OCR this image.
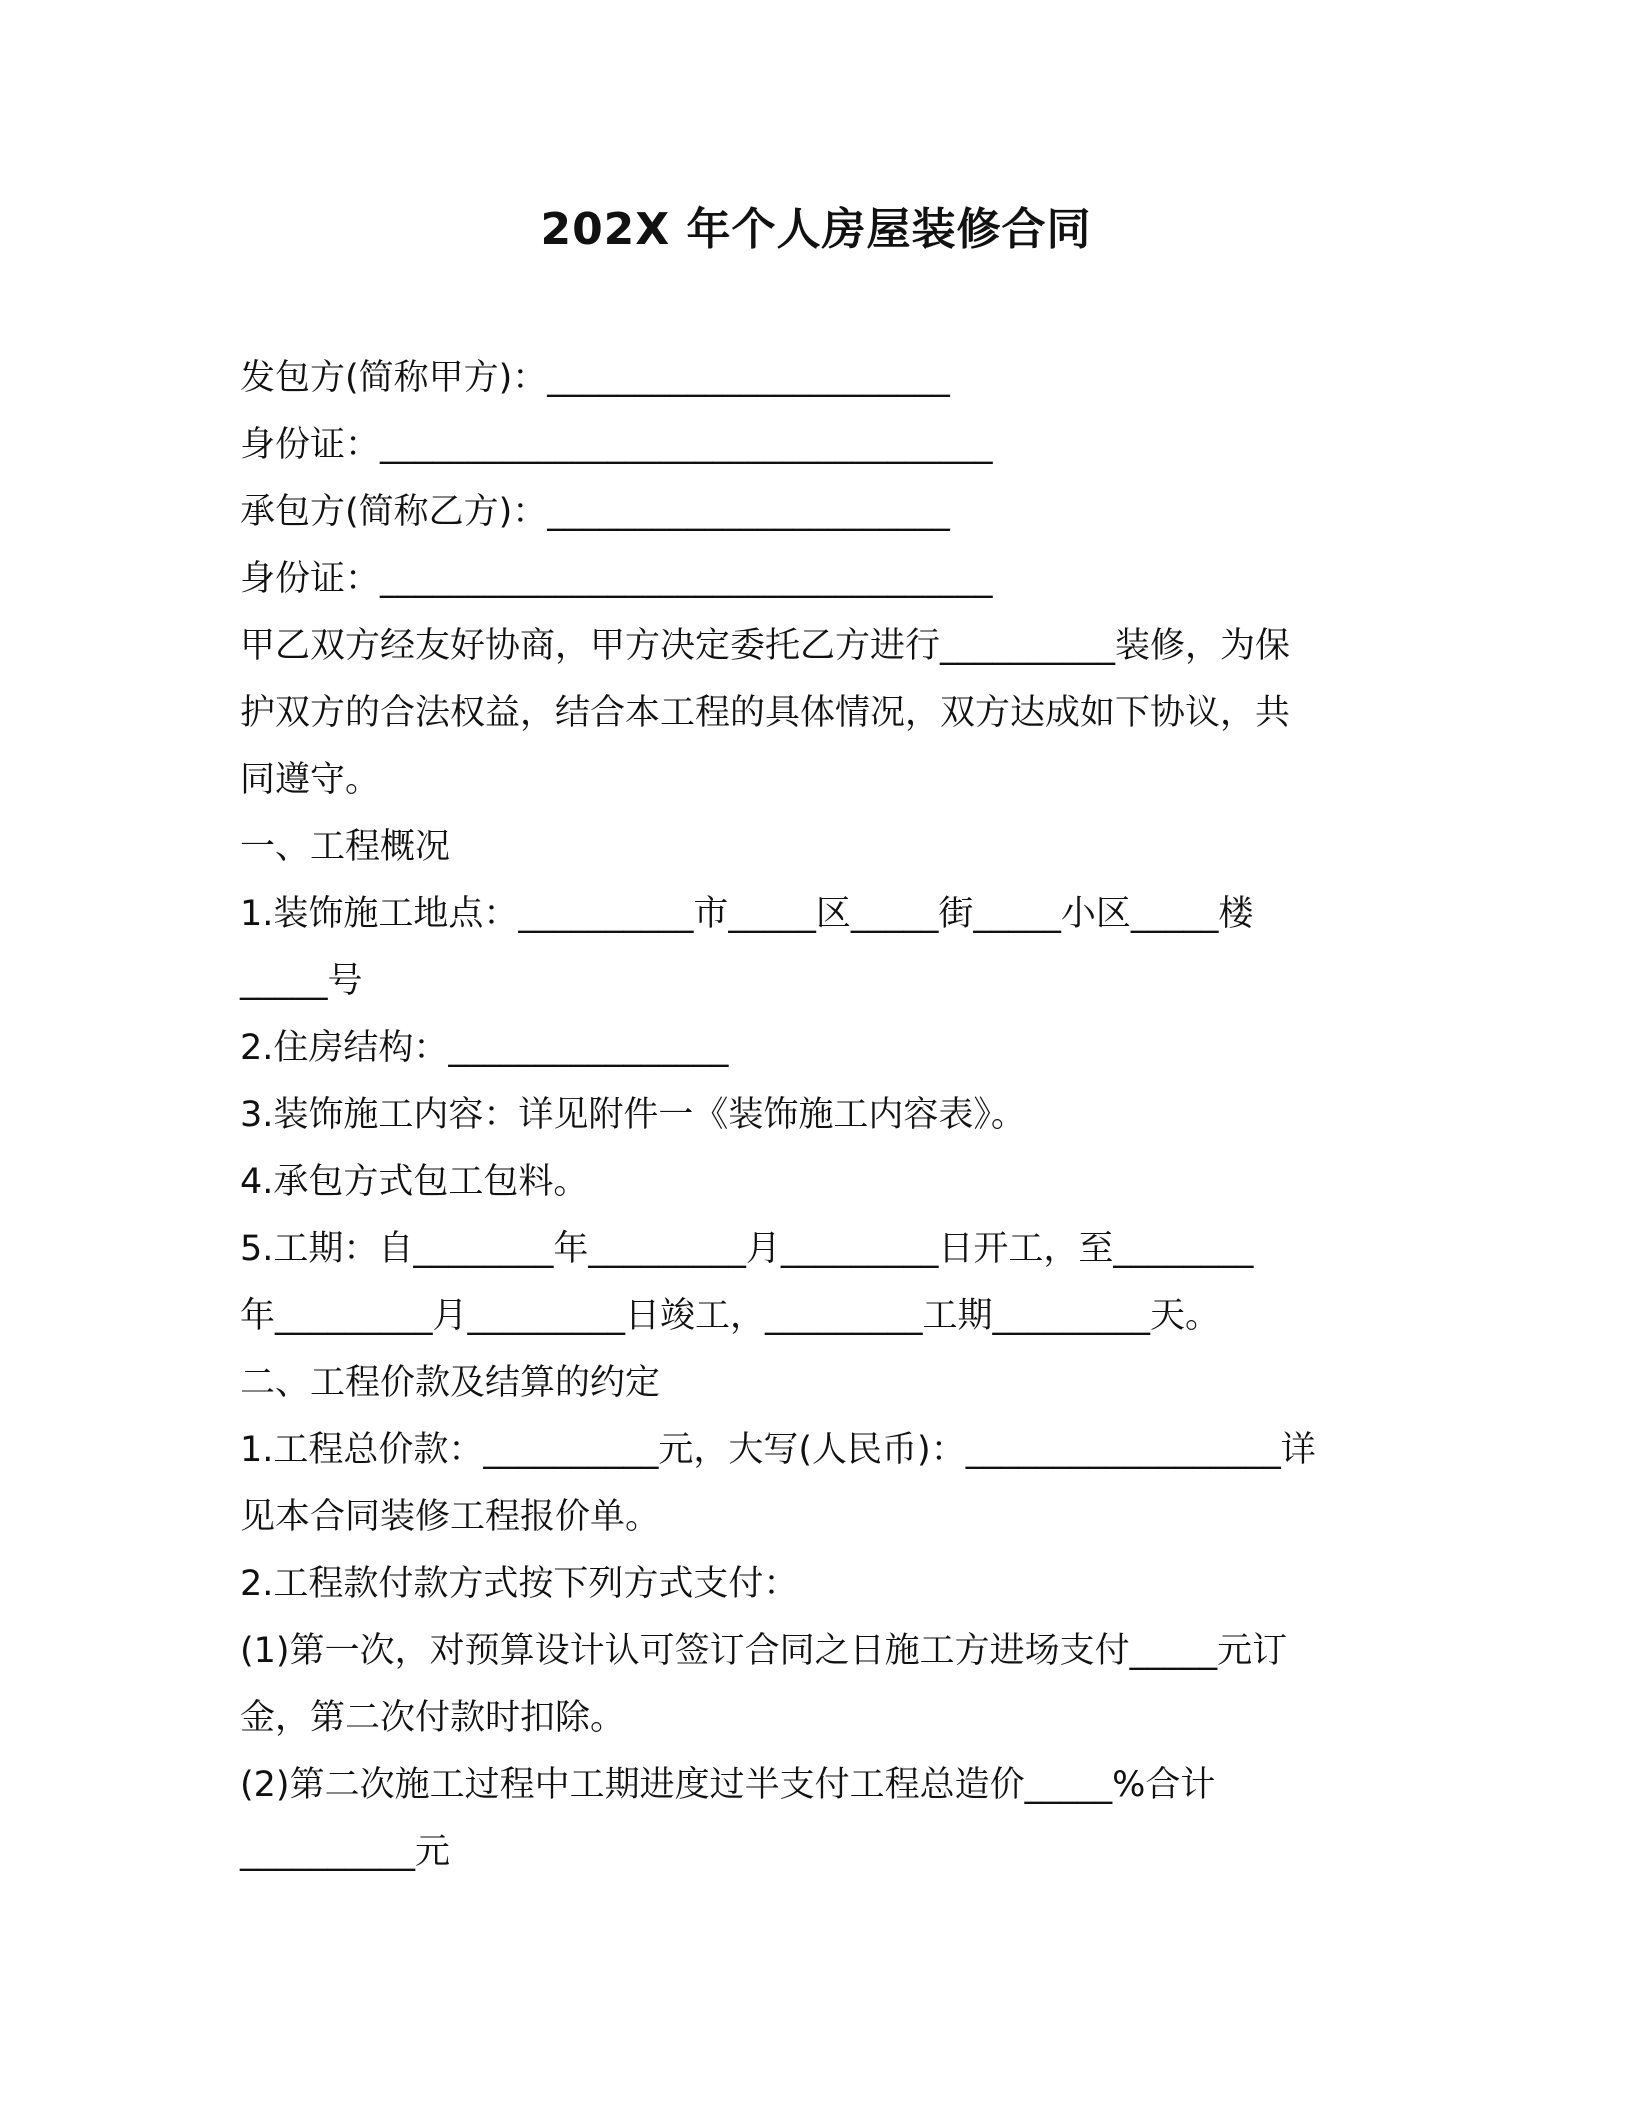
202X 年个人房屋装修合同
发包方(简称甲方)：_______________________
身份证：___________________________________
承包方(简称乙方)：_______________________
身份证：___________________________________
甲乙双方经友好协商，甲方决定委托乙方进行__________装修，为保
护双方的合法权益，结合本工程的具体情况，双方达成如下协议，共
同遵守。
一、工程概况
1.装饰施工地点：__________市_____区_____街_____小区_____楼
_____号
2.住房结构：________________
3.装饰施工内容：详见附件一《装饰施工内容表》。
4.承包方式包工包料。
5.工期：自________年_________月_________日开工，至________
年_________月_________日竣工，_________工期_________天。
二、工程价款及结算的约定
1.工程总价款：__________元，大写(人民币)：__________________详
见本合同装修工程报价单。
2.工程款付款方式按下列方式支付：
(1)第一次，对预算设计认可签订合同之日施工方进场支付_____元订
金，第二次付款时扣除。
(2)第二次施工过程中工期进度过半支付工程总造价_____%合计
__________元
